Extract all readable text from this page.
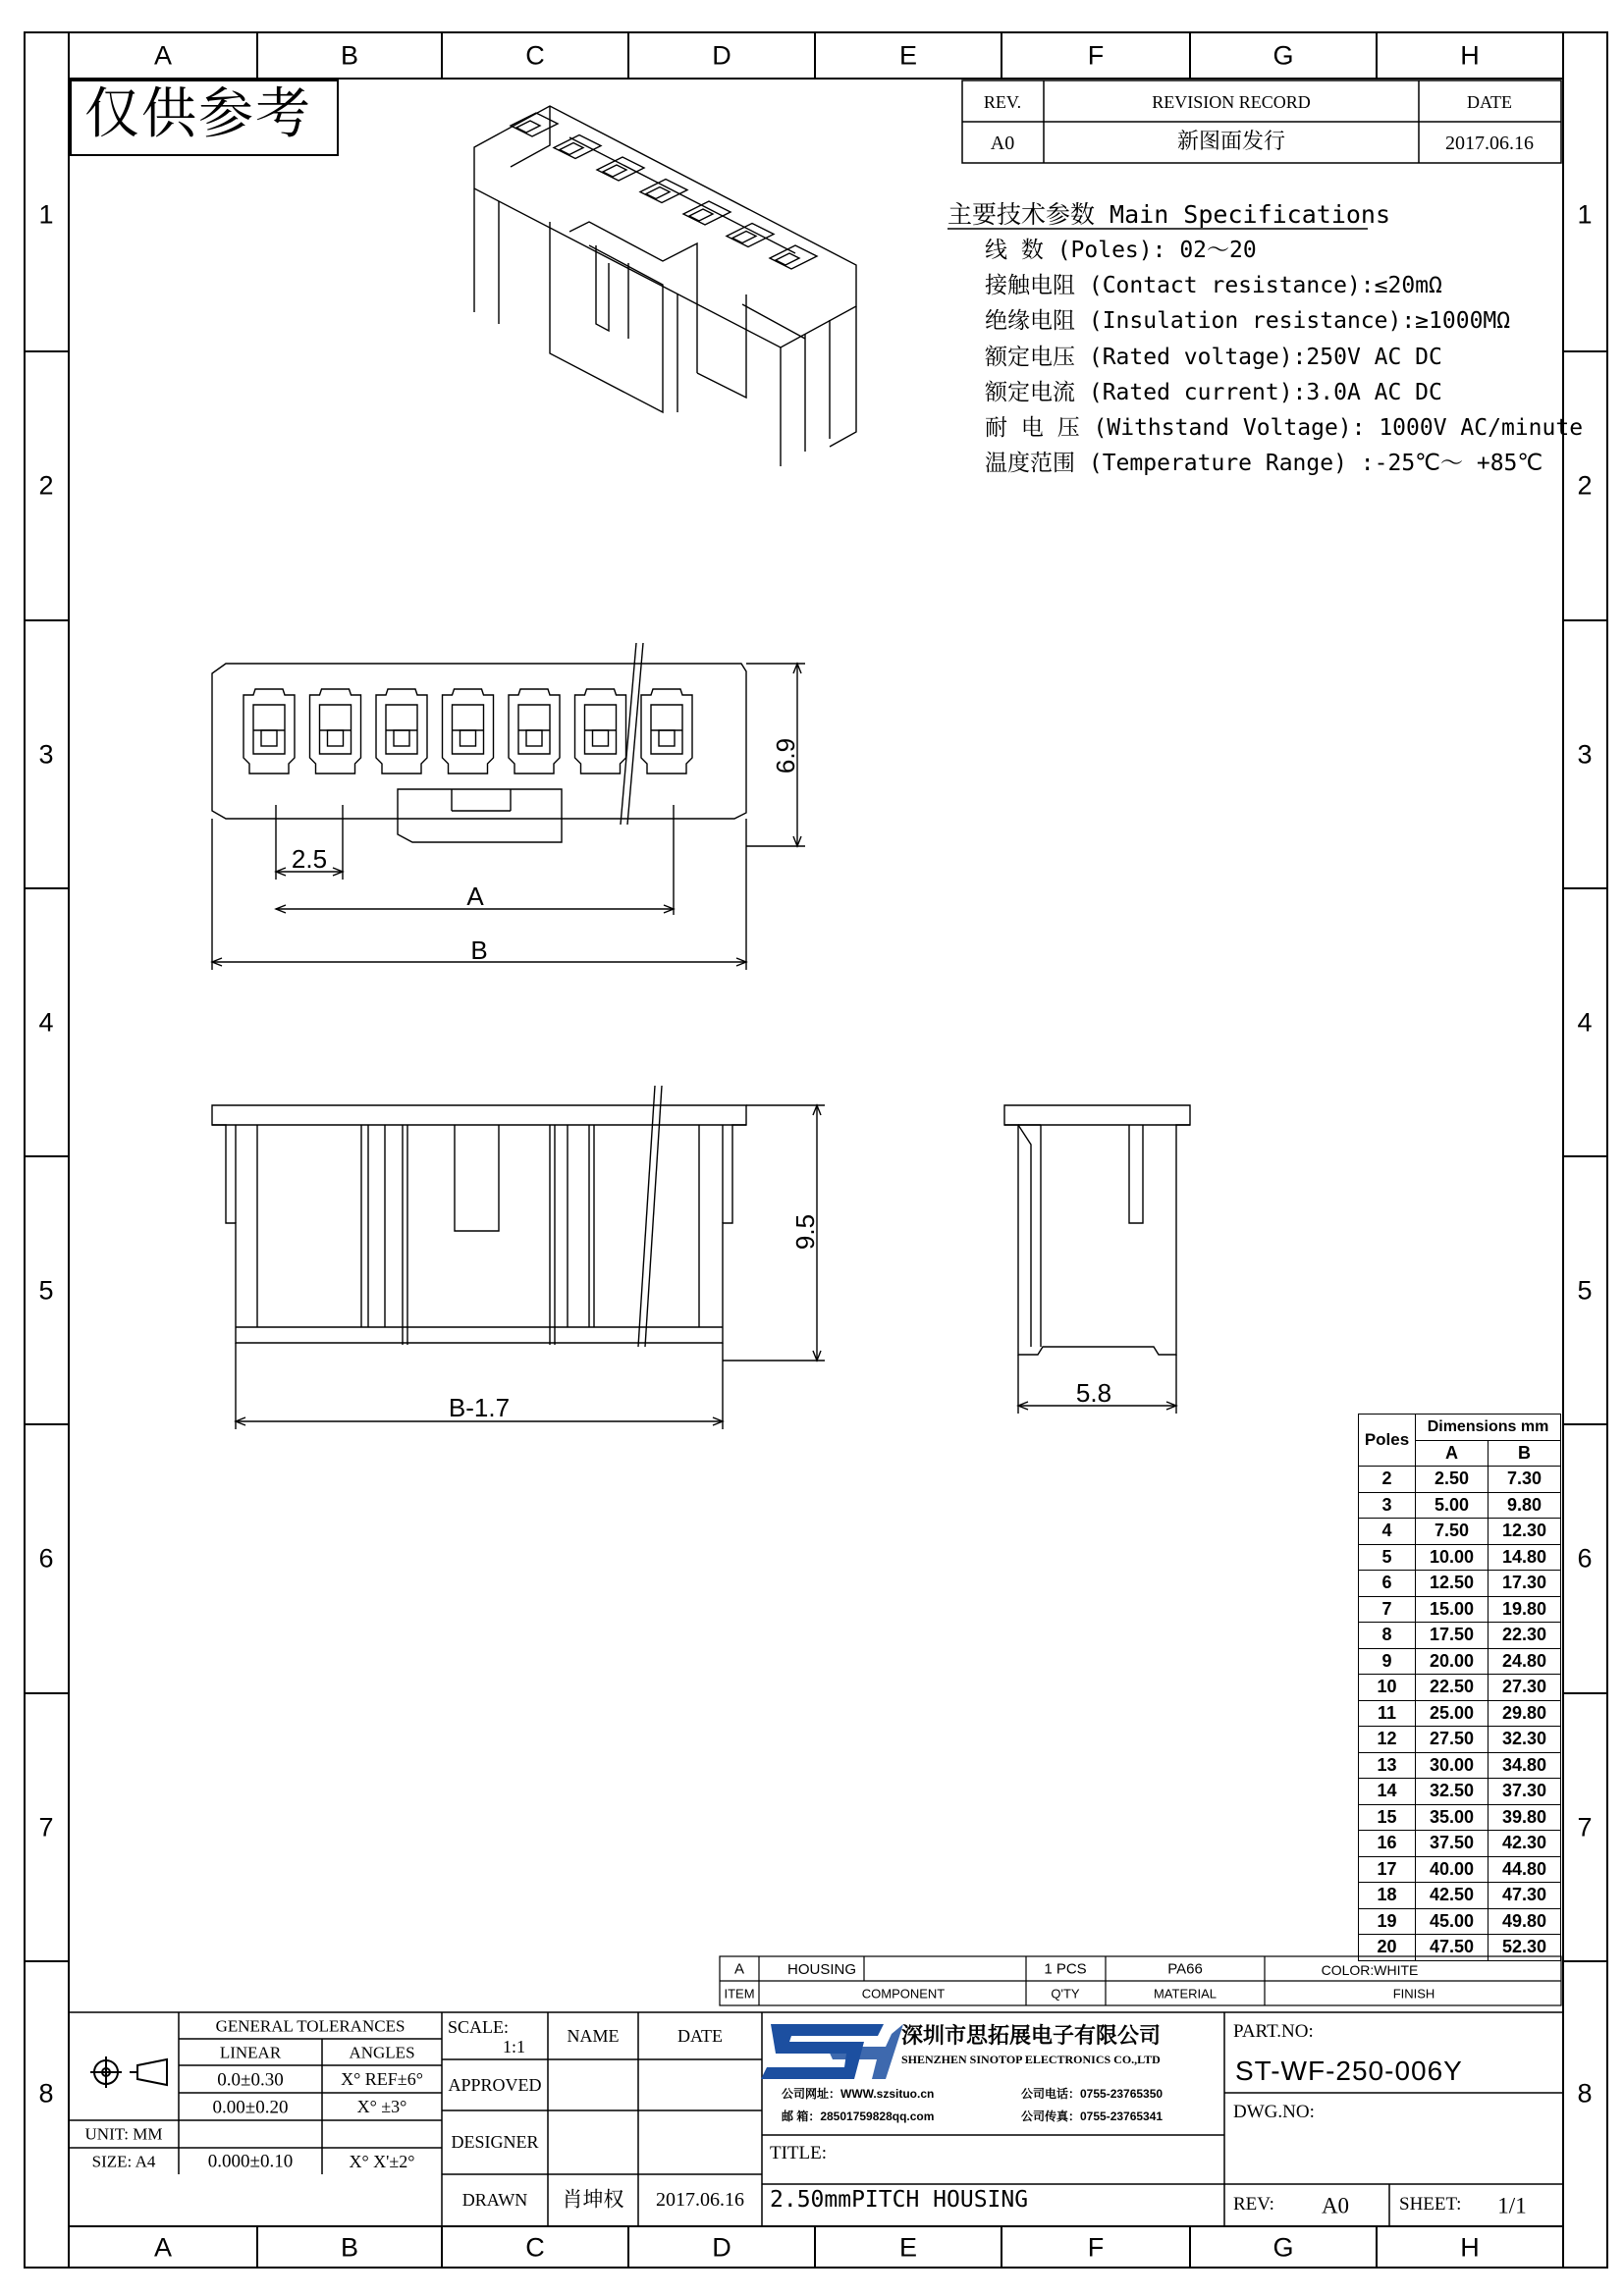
A
A
B
B
C
C
D
D
E
E
F
F
G
G
H
H
1	1
2	2
3	3
4	4
5	5
6	6
7	7
8	8
仅供参考	REV.	REVISION RECORD	DATE
A0	新图面发行	2017.06.16
主要技术参数 Main Specifications
线 数 (Poles): 02～20
接触电阻 (Contact resistance):≤20mΩ
绝缘电阻 (Insulation resistance):≥1000MΩ
额定电压 (Rated voltage):250V AC DC
额定电流 (Rated current):3.0A AC DC
耐 电 压 (Withstand Voltage): 1000V AC/minute
温度范围 (Temperature Range) :-25℃～ +85℃
6.9
2.5
A
B
9.5
B-1.7	5.8
Poles	Dimensions mm	
	A	B
2	2.50	7.30
3	5.00	9.80
4	7.50	12.30
5	10.00	14.80
6	12.50	17.30
7	15.00	19.80
8	17.50	22.30
9	20.00	24.80
10	22.50	27.30
11	25.00	29.80
12	27.50	32.30
13	30.00	34.80
14	32.50	37.30
15	35.00	39.80
16	37.50	42.30
17	40.00	44.80
18	42.50	47.30
19	45.00	49.80
20	47.50	52.30
A	HOUSING	1 PCS	PA66	COLOR:WHITE
ITEM	COMPONENT	Q'TY	MATERIAL	FINISH
GENERAL TOLERANCES
LINEAR	ANGLES
0.0±0.30	X° REF±6°
0.00±0.20	X° ±3°
0.000±0.10	X° X'±2°
UNIT: MM
SIZE: A4
SCALE:
1:1
NAME	DATE
APPROVED
DESIGNER
DRAWN 肖坤权 2017.06.16
深圳市思拓展电子有限公司
SHENZHEN SINOTOP ELECTRONICS CO.,LTD
公司网址：WWW.szsituo.cn	公司电话：0755-23765350
邮 箱：28501759828qq.com	公司传真：0755-23765341
TITLE:
2.50mmPITCH HOUSING
PART.NO:
ST-WF-250-006Y
DWG.NO:
REV: A0	SHEET: 1/1
